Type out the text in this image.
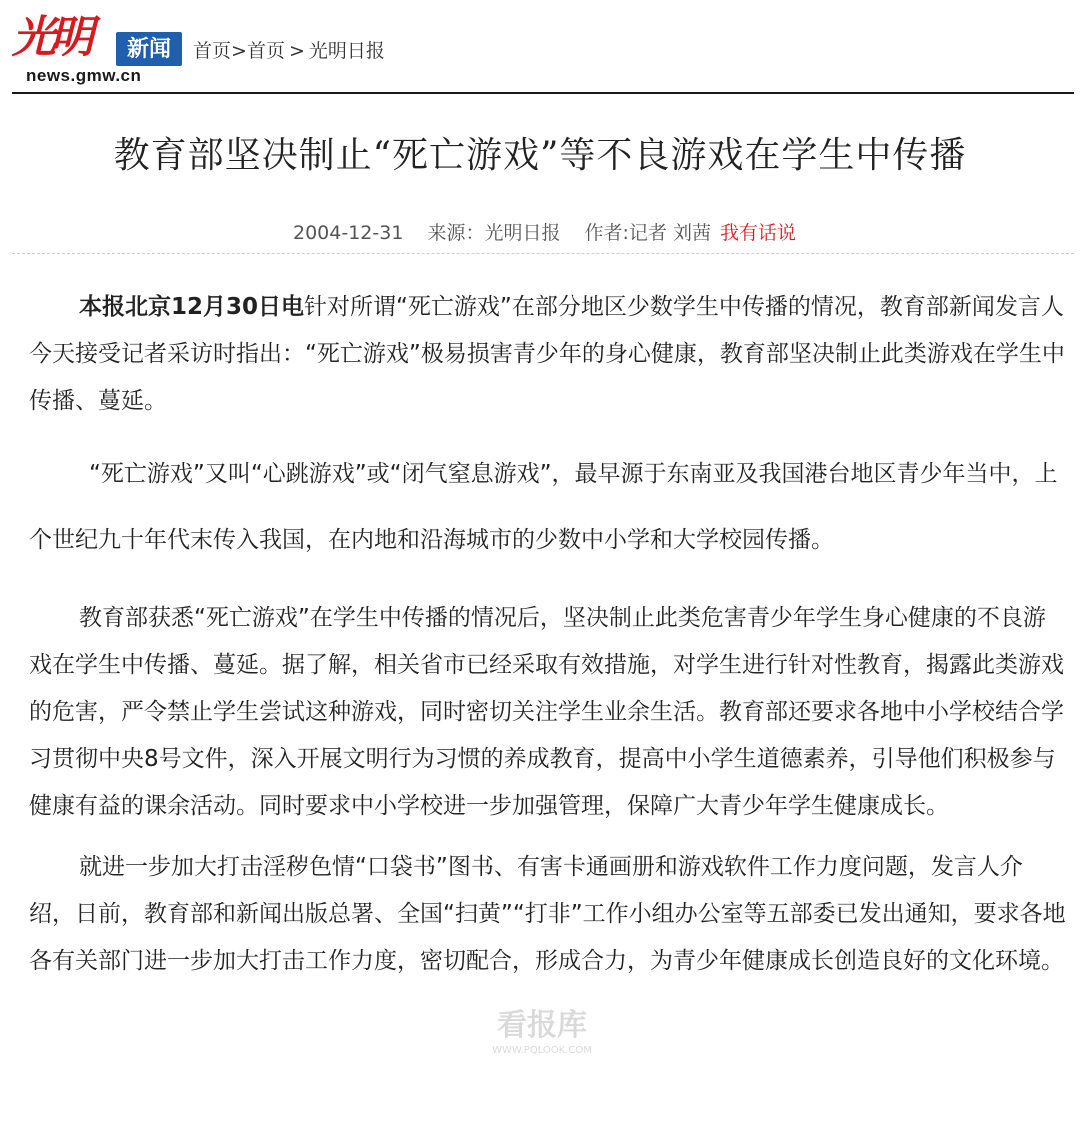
光明	新闻
news.gmw.cn
首页>首页 > 光明日报
教育部坚决制止“死亡游戏”等不良游戏在学生中传播
2004-12-31 来源：光明日报 作者:记者 刘茜 我有话说

本报北京12月30日电针对所谓“死亡游戏”在部分地区少数学生中传播的情况，教育部新闻发言人今天接受记者采访时指出：“死亡游戏”极易损害青少年的身心健康，教育部坚决制止此类游戏在学生中传播、蔓延。

“死亡游戏”又叫“心跳游戏”或“闭气窒息游戏”，最早源于东南亚及我国港台地区青少年当中，上个世纪九十年代末传入我国，在内地和沿海城市的少数中小学和大学校园传播。

教育部获悉“死亡游戏”在学生中传播的情况后，坚决制止此类危害青少年学生身心健康的不良游戏在学生中传播、蔓延。据了解，相关省市已经采取有效措施，对学生进行针对性教育，揭露此类游戏的危害，严令禁止学生尝试这种游戏，同时密切关注学生业余生活。教育部还要求各地中小学校结合学习贯彻中央8号文件，深入开展文明行为习惯的养成教育，提高中小学生道德素养，引导他们积极参与健康有益的课余活动。同时要求中小学校进一步加强管理，保障广大青少年学生健康成长。

就进一步加大打击淫秽色情“口袋书”图书、有害卡通画册和游戏软件工作力度问题，发言人介绍，日前，教育部和新闻出版总署、全国“扫黄”“打非”工作小组办公室等五部委已发出通知，要求各地各有关部门进一步加大打击工作力度，密切配合，形成合力，为青少年健康成长创造良好的文化环境。

看报库
WWW.PQLOOK.COM
